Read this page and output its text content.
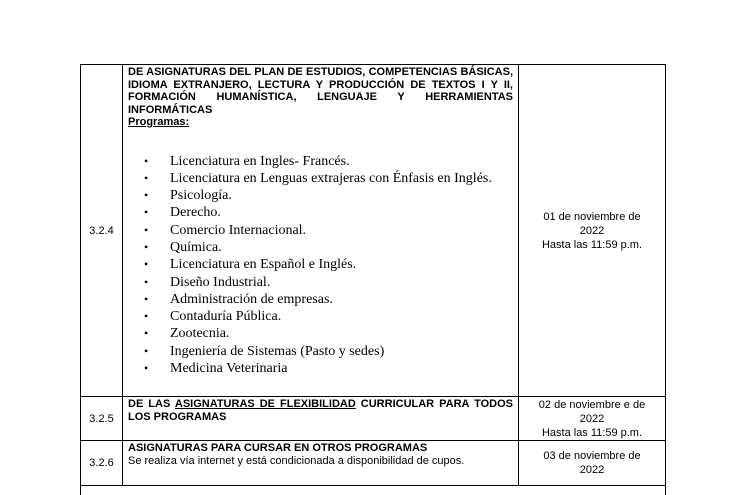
3.2.4
DE ASIGNATURAS DEL PLAN DE ESTUDIOS, COMPETENCIAS BÁSICAS, IDIOMA EXTRANJERO, LECTURA Y PRODUCCIÓN DE TEXTOS I Y II, FORMACIÓN HUMANÍSTICA, LENGUAJE Y HERRAMIENTAS INFORMÁTICAS
Programas:
• Licenciatura en Ingles- Francés.
• Licenciatura en Lenguas extrajeras con Énfasis en Inglés.
• Psicología.
• Derecho.
• Comercio Internacional.
• Química.
• Licenciatura en Español e Inglés.
• Diseño Industrial.
• Administración de empresas.
• Contaduría Pública.
• Zootecnia.
• Ingeniería de Sistemas (Pasto y sedes)
• Medicina Veterinaria
01 de noviembre de
2022
Hasta las 11:59 p.m.
3.2.5
DE LAS ASIGNATURAS DE FLEXIBILIDAD CURRICULAR PARA TODOS LOS PROGRAMAS
02 de noviembre e de
2022
Hasta las 11:59 p.m.
3.2.6
ASIGNATURAS PARA CURSAR EN OTROS PROGRAMAS
Se realiza vía internet y está condicionada a disponibilidad de cupos.	03 de noviembre de
2022
